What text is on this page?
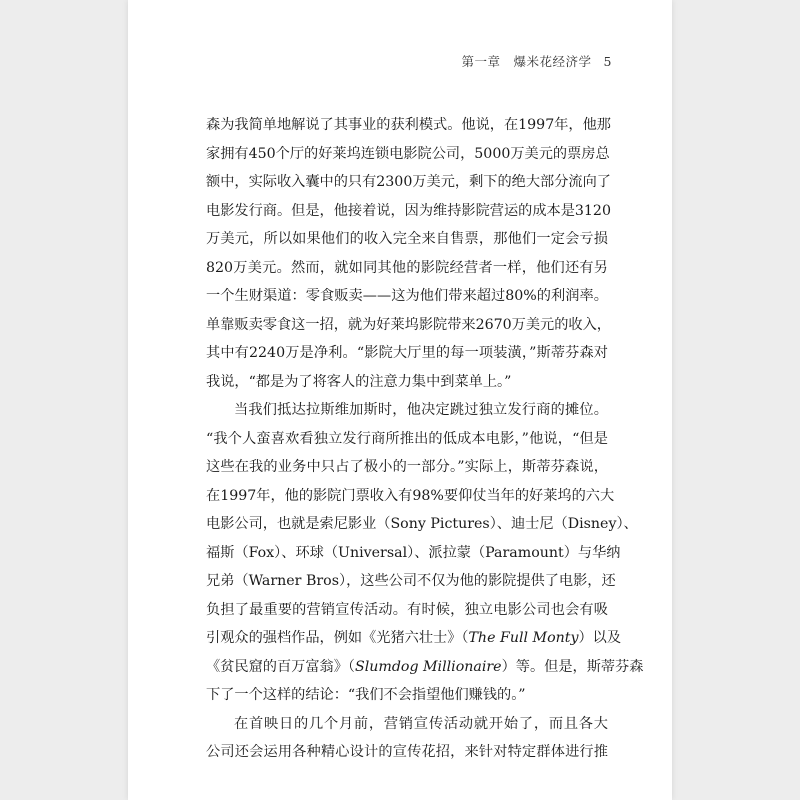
第一章　爆米花经济学 5
森为我简单地解说了其事业的获利模式。他说，在1997年，他那
家拥有450个厅的好莱坞连锁电影院公司，5000万美元的票房总
额中，实际收入囊中的只有2300万美元，剩下的绝大部分流向了
电影发行商。但是，他接着说，因为维持影院营运的成本是3120
万美元，所以如果他们的收入完全来自售票，那他们一定会亏损
820万美元。然而，就如同其他的影院经营者一样，他们还有另
一个生财渠道：零食贩卖——这为他们带来超过80%的利润率。
单靠贩卖零食这一招，就为好莱坞影院带来2670万美元的收入，
其中有2240万是净利。“影院大厅里的每一项装潢，”斯蒂芬森对
我说，“都是为了将客人的注意力集中到菜单上。”
当我们抵达拉斯维加斯时，他决定跳过独立发行商的摊位。
“我个人蛮喜欢看独立发行商所推出的低成本电影，”他说，“但是
这些在我的业务中只占了极小的一部分。”实际上，斯蒂芬森说，
在1997年，他的影院门票收入有98%要仰仗当年的好莱坞的六大
电影公司，也就是索尼影业（Sony Pictures）、迪士尼（Disney）、
福斯（Fox）、环球（Universal）、派拉蒙（Paramount）与华纳
兄弟（Warner Bros），这些公司不仅为他的影院提供了电影，还
负担了最重要的营销宣传活动。有时候，独立电影公司也会有吸
引观众的强档作品，例如《光猪六壮士》（The Full Monty）以及
《贫民窟的百万富翁》（Slumdog Millionaire）等。但是，斯蒂芬森
下了一个这样的结论：“我们不会指望他们赚钱的。”
在首映日的几个月前，营销宣传活动就开始了，而且各大
公司还会运用各种精心设计的宣传花招，来针对特定群体进行推
